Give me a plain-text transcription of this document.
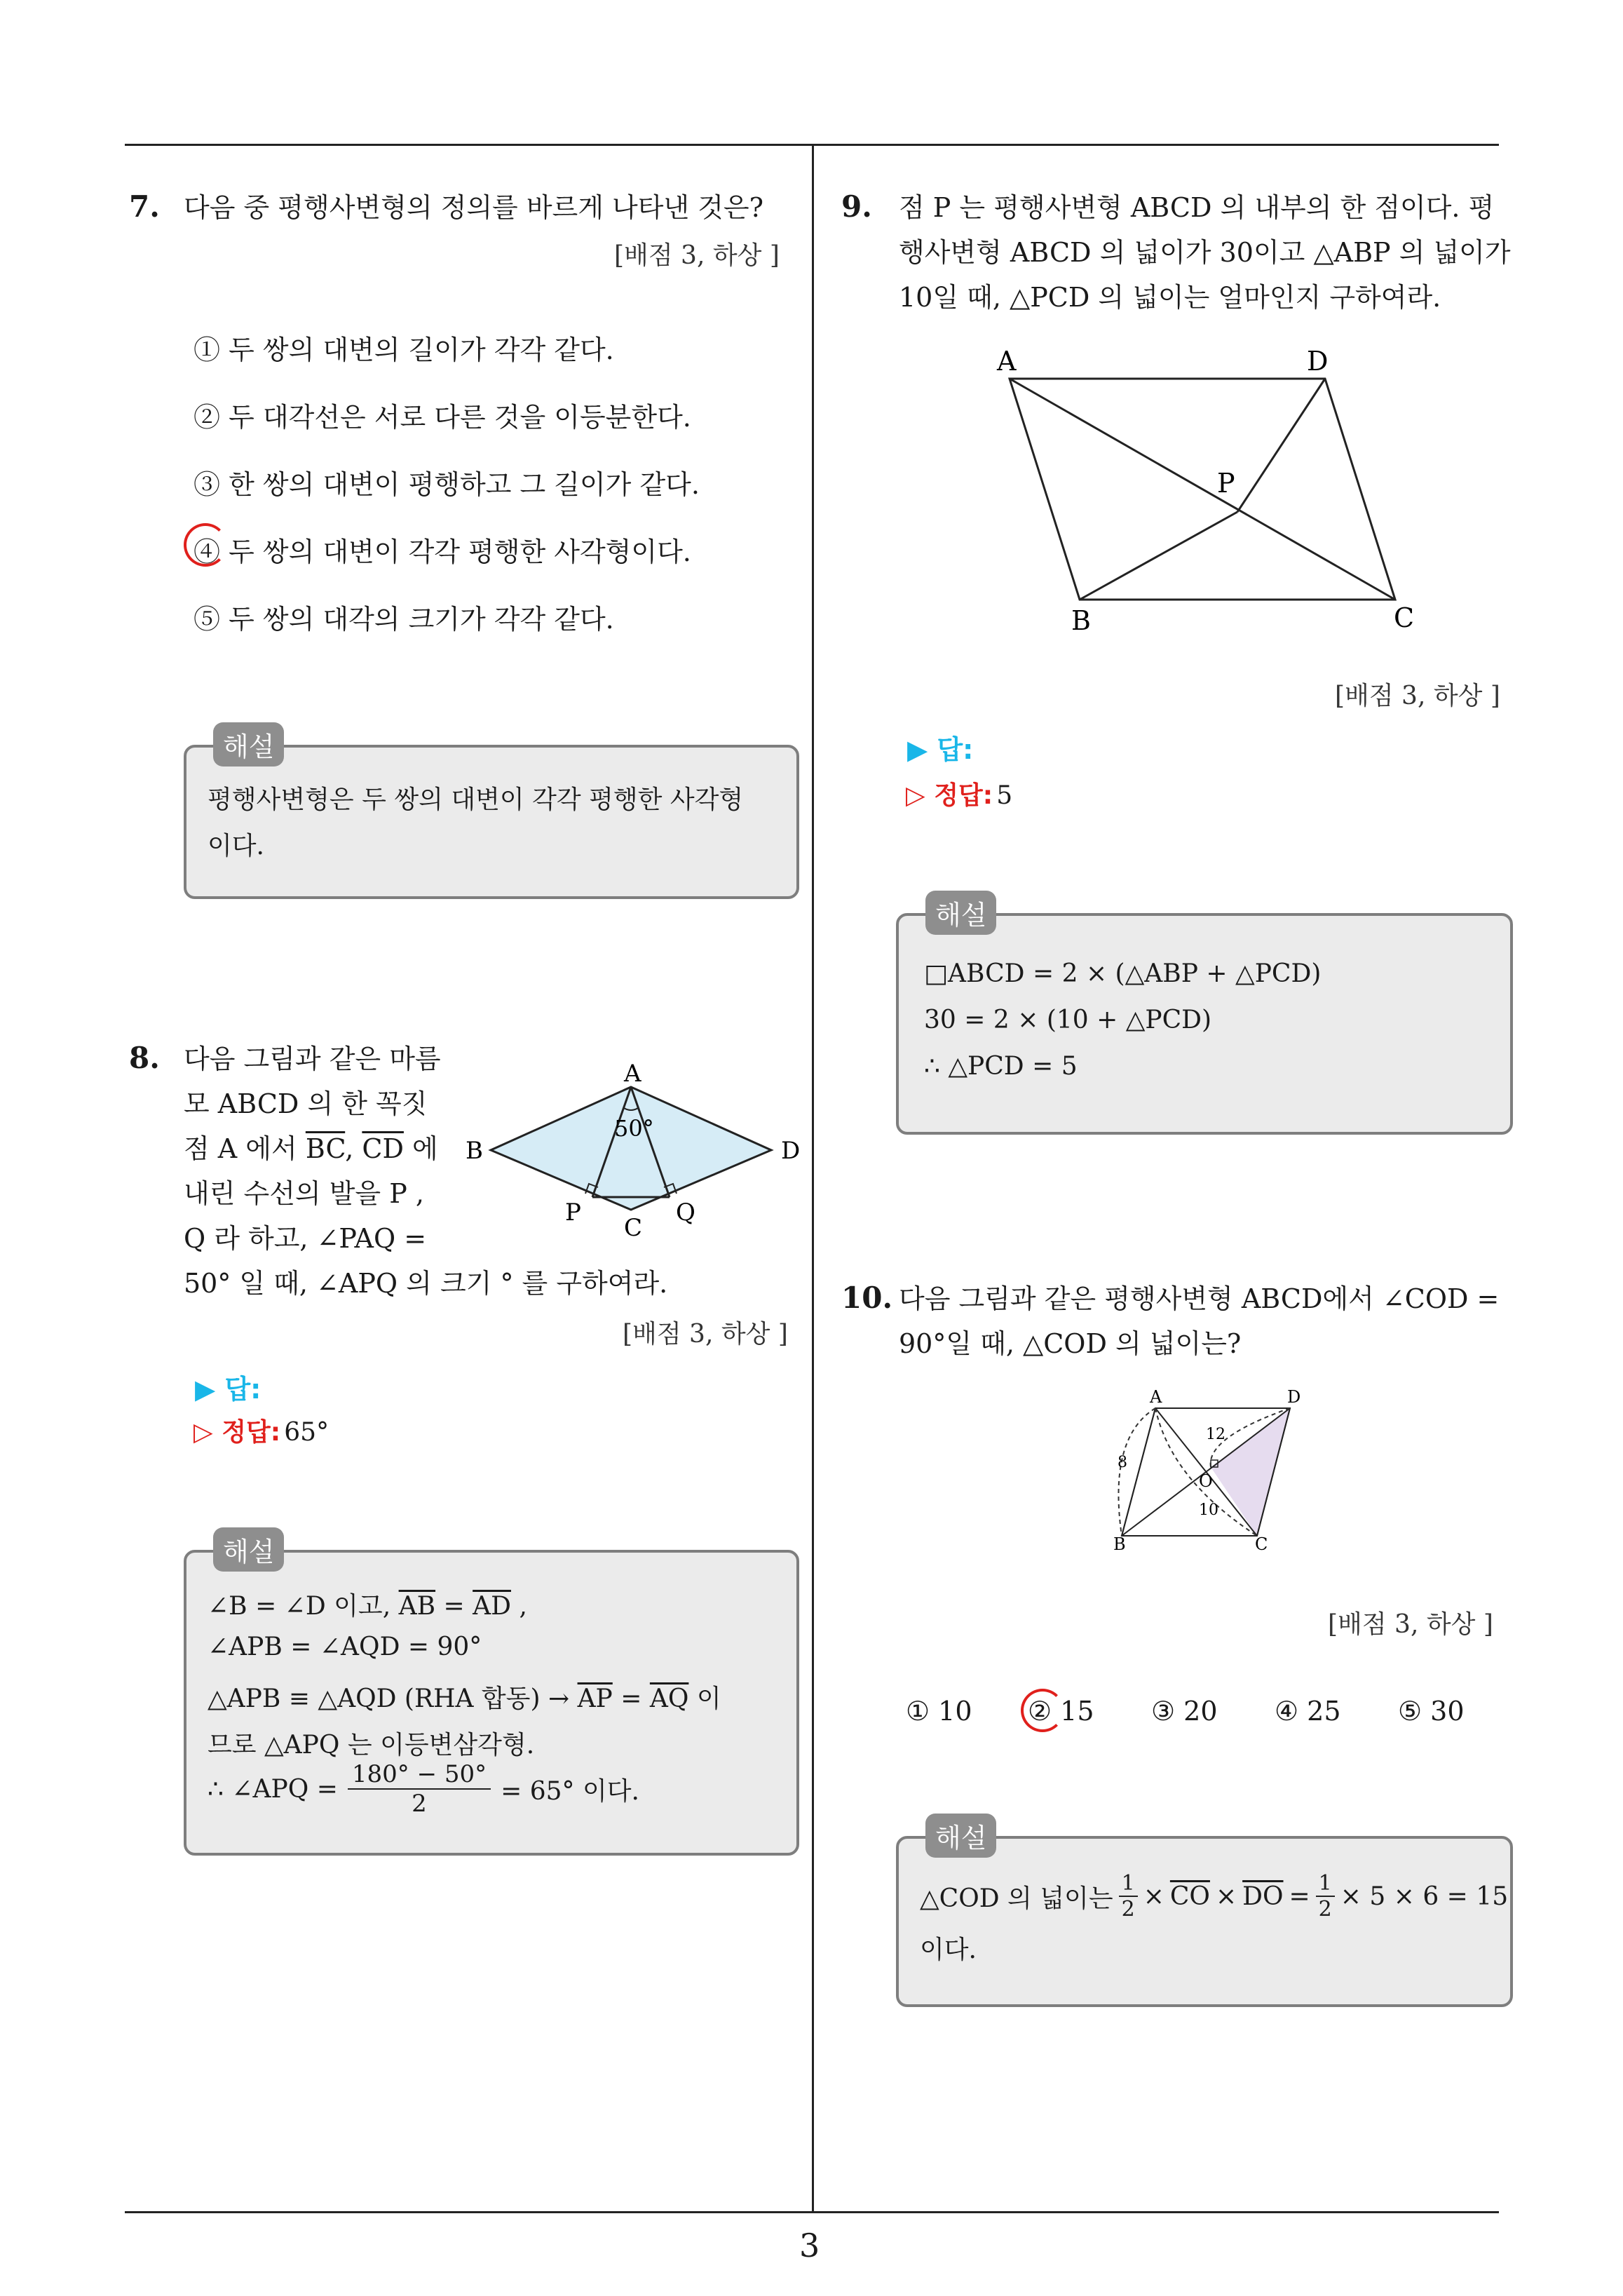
3
7. 다음 중 평행사변형의 정의를 바르게 나타낸 것은?
[배점 3, 하상 ]
① 두 쌍의 대변의 길이가 각각 같다.
② 두 대각선은 서로 다른 것을 이등분한다.
③ 한 쌍의 대변이 평행하고 그 길이가 같다.
④ 두 쌍의 대변이 각각 평행한 사각형이다.
⑤ 두 쌍의 대각의 크기가 각각 같다.
해설
평행사변형은 두 쌍의 대변이 각각 평행한 사각형
이다.
8. 다음 그림과 같은 마름
모 ABCD 의 한 꼭짓
점 A 에서 $\overline{BC}$, $\overline{CD}$ 에
내린 수선의 발을 P ,
Q 라 하고, ∠PAQ =
50° 일 때, ∠APQ 의 크기 ° 를 구하여라.
[배점 3, 하상 ]
A
B
C
D
P	Q
50°
▶ 답:
▷ 정답: 65°
해설
∠B = ∠D 이고, $\overline{AB} = \overline{AD}$ ,
∠APB = ∠AQD = 90°
△APB ≡ △AQD (RHA 합동) → $\overline{AP} = \overline{AQ}$ 이
므로 △APQ 는 이등변삼각형.
∴ ∠APQ = $\frac{180^\circ - 50^\circ}{2} = 65^\circ$ 이다.
9. 점 P 는 평행사변형 ABCD 의 내부의 한 점이다. 평
행사변형 ABCD 의 넓이가 30이고 △ABP 의 넓이가
10일 때, △PCD 의 넓이는 얼마인지 구하여라.
A	D
P
B	C
[배점 3, 하상 ]
▶ 답:
▷ 정답: 5
해설
□ABCD = 2 × (△ABP + △PCD)
30 = 2 × (10 + △PCD)
∴ △PCD = 5
10. 다음 그림과 같은 평행사변형 ABCD에서 ∠COD =
90°일 때, △COD 의 넓이는?
A	D
B	C
O
12
8
10
[배점 3, 하상 ]
① 10 ② 15 ③ 20 ④ 25 ⑤ 30
해설
△COD 의 넓이는 $\frac{1}{2} \times \overline{CO} \times \overline{DO} = \frac{1}{2} \times 5 \times 6 = 15$
이다.
